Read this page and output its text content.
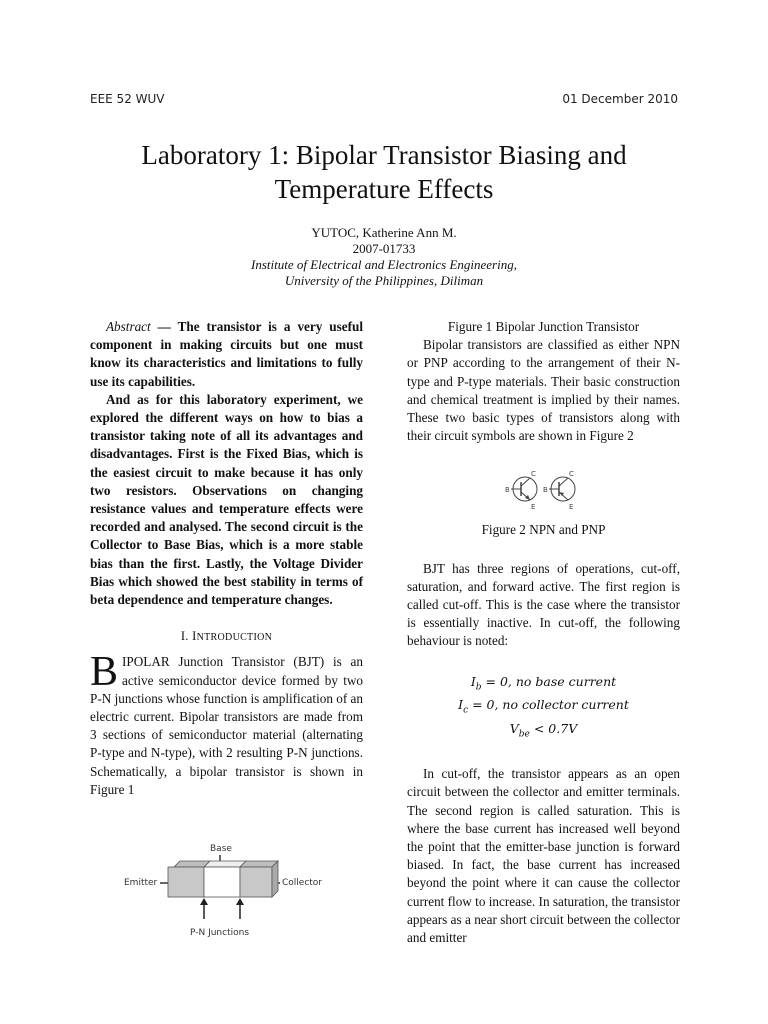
EEE 52 WUV	01 December 2010
Laboratory 1: Bipolar Transistor Biasing and
Temperature Effects
YUTOC, Katherine Ann M.
2007-01733
Institute of Electrical and Electronics Engineering,
University of the Philippines, Diliman

Abstract — The transistor is a very useful component in making circuits but one must know its characteristics and limitations to fully use its capabilities.

And as for this laboratory experiment, we explored the different ways on how to bias a transistor taking note of all its advantages and disadvantages. First is the Fixed Bias, which is the easiest circuit to make because it has only two resistors. Observations on changing resistance values and temperature effects were recorded and analysed. The second circuit is the Collector to Base Bias, which is a more stable bias than the first. Lastly, the Voltage Divider Bias which showed the best stability in terms of beta dependence and temperature changes.

I. INTRODUCTION

BIPOLAR Junction Transistor (BJT) is an active semiconductor device formed by two P-N junctions whose function is amplification of an electric current. Bipolar transistors are made from 3 sections of semiconductor material (alternating P-type and N-type), with 2 resulting P-N junctions. Schematically, a bipolar transistor is shown in Figure 1

Base
Emitter	Collector
P-N Junctions

Figure 1 Bipolar Junction Transistor

Bipolar transistors are classified as either NPN or PNP according to the arrangement of their N-type and P-type materials. Their basic construction and chemical treatment is implied by their names. These two basic types of transistors along with their circuit symbols are shown in Figure 2

B
C
E
B
C
E

Figure 2 NPN and PNP

BJT has three regions of operations, cut-off, saturation, and forward active. The first region is called cut-off. This is the case where the transistor is essentially inactive. In cut-off, the following behaviour is noted:

$I_b = 0$, no base current
$I_c = 0$, no collector current
$V_{be} < 0.7V$

In cut-off, the transistor appears as an open circuit between the collector and emitter terminals. The second region is called saturation. This is where the base current has increased well beyond the point that the emitter-base junction is forward biased. In fact, the base current has increased beyond the point where it can cause the collector current flow to increase. In saturation, the transistor appears as a near short circuit between the collector and emitter
